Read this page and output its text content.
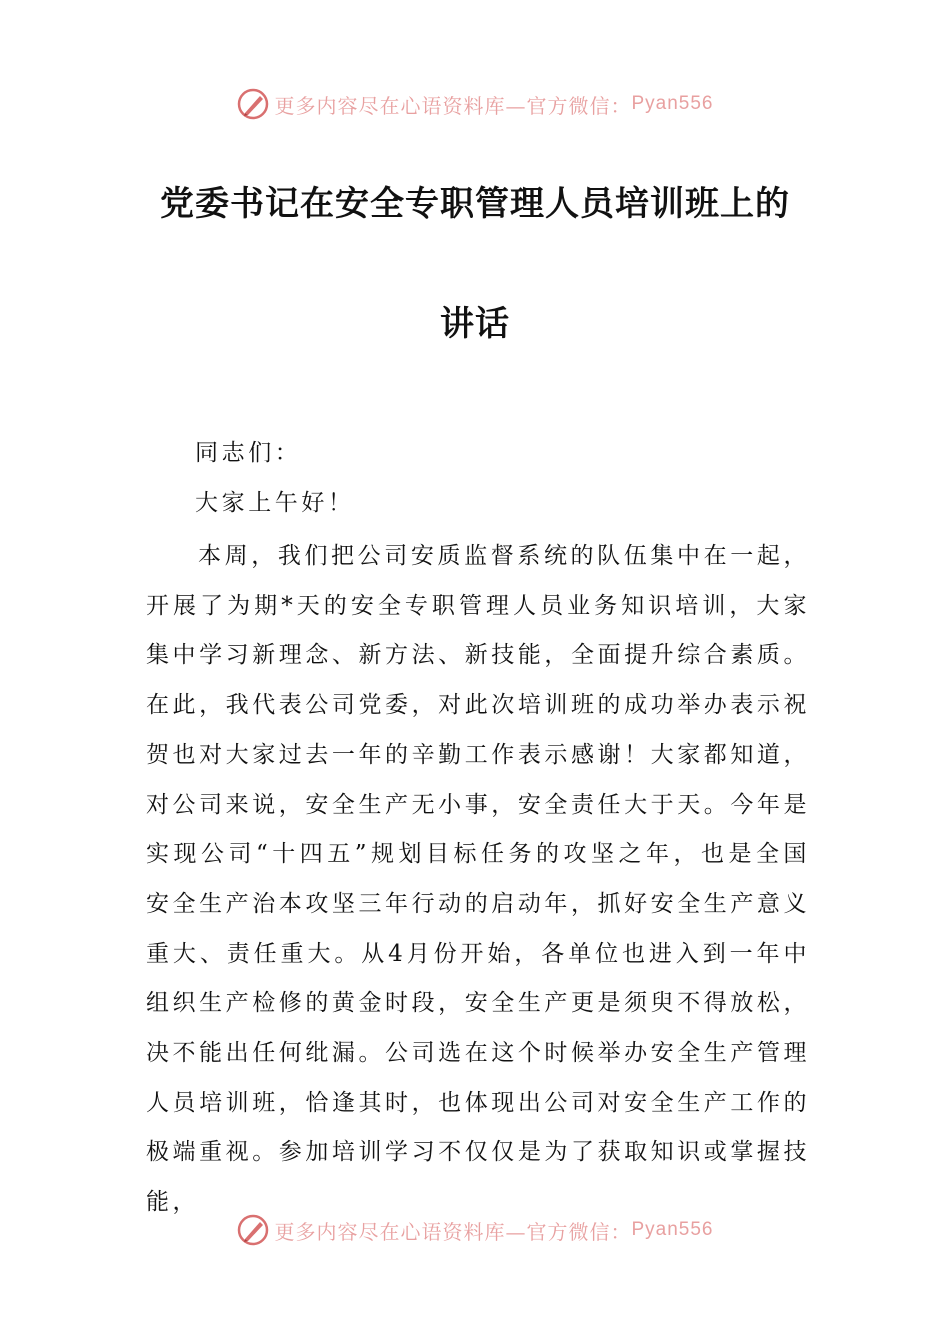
更多内容尽在心语资料库—官方微信： Pyan556
党委书记在安全专职管理人员培训班上的
讲话
同志们：
大家上午好！
本周，我们把公司安质监督系统的队伍集中在一起，开展了为期*天的安全专职管理人员业务知识培训，大家集中学习新理念、新方法、新技能，全面提升综合素质。在此，我代表公司党委，对此次培训班的成功举办表示祝贺也对大家过去一年的辛勤工作表示感谢！大家都知道，对公司来说，安全生产无小事，安全责任大于天。今年是实现公司“十四五”规划目标任务的攻坚之年，也是全国安全生产治本攻坚三年行动的启动年，抓好安全生产意义重大、责任重大。从4月份开始，各单位也进入到一年中组织生产检修的黄金时段，安全生产更是须臾不得放松，决不能出任何纰漏。公司选在这个时候举办安全生产管理人员培训班，恰逢其时，也体现出公司对安全生产工作的极端重视。参加培训学习不仅仅是为了获取知识或掌握技能，
更多内容尽在心语资料库—官方微信： Pyan556
